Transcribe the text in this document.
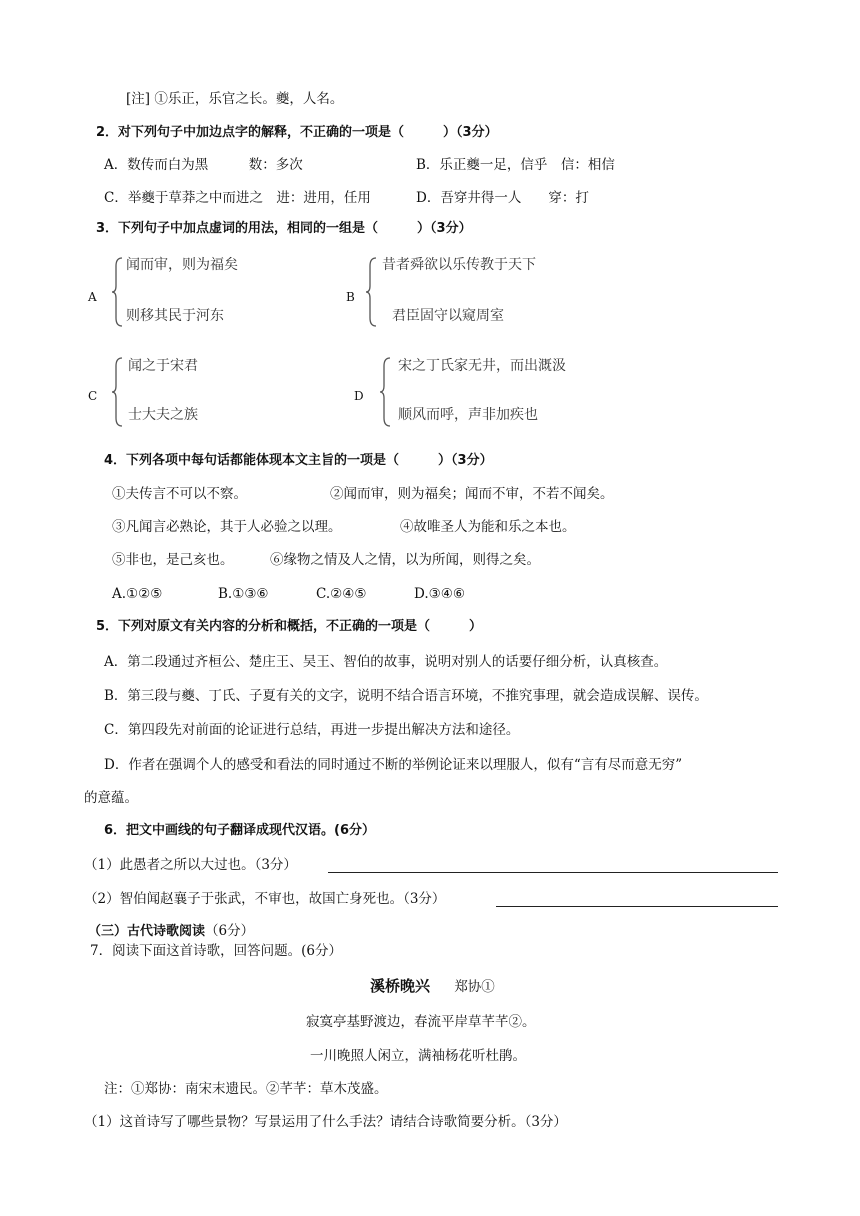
[注] ①乐正，乐官之长。夔，人名。
2．对下列句子中加边点字的解释，不正确的一项是（　　　）（3分）
A．数传而白为黑　　　数：多次	B．乐正夔一足，信乎　信：相信
C．举夔于草莽之中而进之　进：进用，任用	D．吾穿井得一人　　穿：打
3．下列句子中加点虚词的用法，相同的一组是（　　　）（3分）
A
闻而审，则为福矣
则移其民于河东
B
昔者舜欲以乐传教于天下
君臣固守以窥周室
C
闻之于宋君
士大夫之族
D
宋之丁氏家无井，而出溉汲
顺风而呼，声非加疾也
4．下列各项中每句话都能体现本文主旨的一项是（　　　）（3分）
①夫传言不可以不察。	②闻而审，则为福矣；闻而不审，不若不闻矣。
③凡闻言必熟论，其于人必验之以理。	④故唯圣人为能和乐之本也。
⑤非也，是己亥也。	⑥缘物之情及人之情，以为所闻，则得之矣。
A.①②⑤	B.①③⑥	C.②④⑤	D.③④⑥
5．下列对原文有关内容的分析和概括，不正确的一项是（　　　）
A．第二段通过齐桓公、楚庄王、吴王、智伯的故事，说明对别人的话要仔细分析，认真核查。
B．第三段与夔、丁氏、子夏有关的文字，说明不结合语言环境，不推究事理，就会造成误解、误传。
C．第四段先对前面的论证进行总结，再进一步提出解决方法和途径。
D．作者在强调个人的感受和看法的同时通过不断的举例论证来以理服人，似有“言有尽而意无穷”
的意蕴。
6．把文中画线的句子翻译成现代汉语。(6分）
（1）此愚者之所以大过也。（3分）
（2）智伯闻赵襄子于张武，不审也，故国亡身死也。（3分）
（三）古代诗歌阅读（6分）
7．阅读下面这首诗歌，回答问题。(6分）
溪桥晚兴 郑协①
寂寞亭基野渡边，春流平岸草芊芊②。
一川晚照人闲立，满袖杨花听杜鹃。
注：①郑协：南宋末遗民。②芊芊：草木茂盛。
（1）这首诗写了哪些景物？写景运用了什么手法？请结合诗歌简要分析。（3分）
